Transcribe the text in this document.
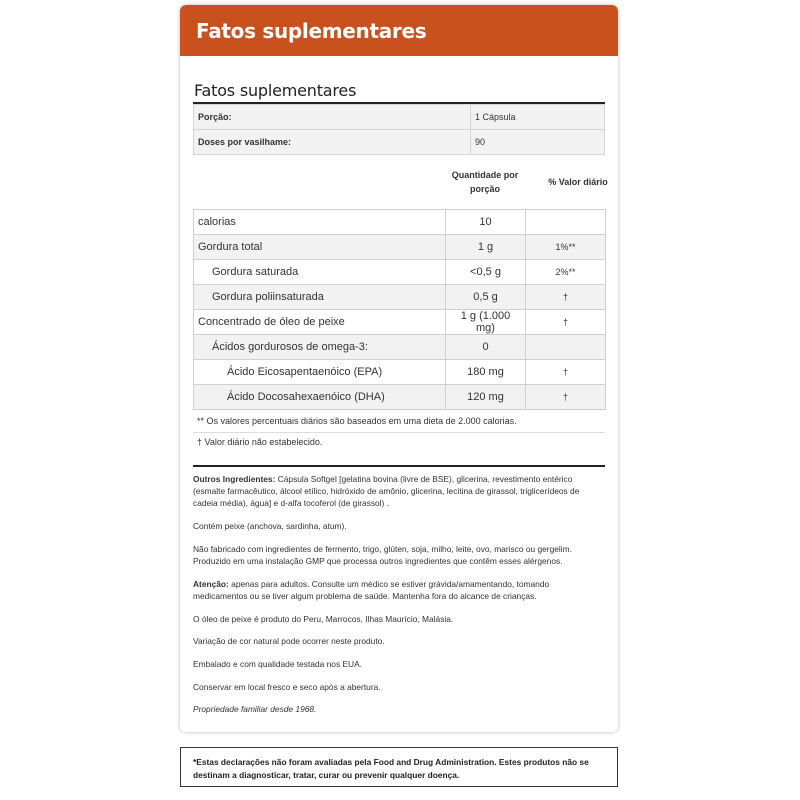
Fatos suplementares
Fatos suplementares
Porção:	1 Cápsula
Doses por vasilhame:	90
	Quantidade por porção	% Valor diário
calorias	10	
Gordura total	1 g	1%**
Gordura saturada	<0,5 g	2%**
Gordura poliinsaturada	0,5 g	†
Concentrado de óleo de peixe	1 g (1.000 mg)	†
Ácidos gordurosos de omega-3:	0	
Ácido Eicosapentaenóico (EPA)	180 mg	†
Ácido Docosahexaenóico (DHA)	120 mg	†
** Os valores percentuais diários são baseados em uma dieta de 2.000 calorias.
† Valor diário não estabelecido.

Outros Ingredientes: Cápsula Softgel [gelatina bovina (livre de BSE), glicerina, revestimento entérico (esmalte farmacêutico, álcool etílico, hidróxido de amônio, glicerina, lecitina de girassol, triglicerídeos de cadeia média), água] e d-alfa tocoferol (de girassol) .

Contém peixe (anchova, sardinha, atum).

Não fabricado com ingredientes de fermento, trigo, glúten, soja, milho, leite, ovo, marisco ou gergelim. Produzido em uma instalação GMP que processa outros ingredientes que contêm esses alérgenos.

Atenção: apenas para adultos. Consulte um médico se estiver grávida/amamentando, tomando medicamentos ou se tiver algum problema de saúde. Mantenha fora do alcance de crianças.

O óleo de peixe é produto do Peru, Marrocos, Ilhas Maurício, Malásia.

Variação de cor natural pode ocorrer neste produto.

Embalado e com qualidade testada nos EUA.

Conservar em local fresco e seco após a abertura.

Propriedade familiar desde 1968.

*Estas declarações não foram avaliadas pela Food and Drug Administration. Estes produtos não se destinam a diagnosticar, tratar, curar ou prevenir qualquer doença.
